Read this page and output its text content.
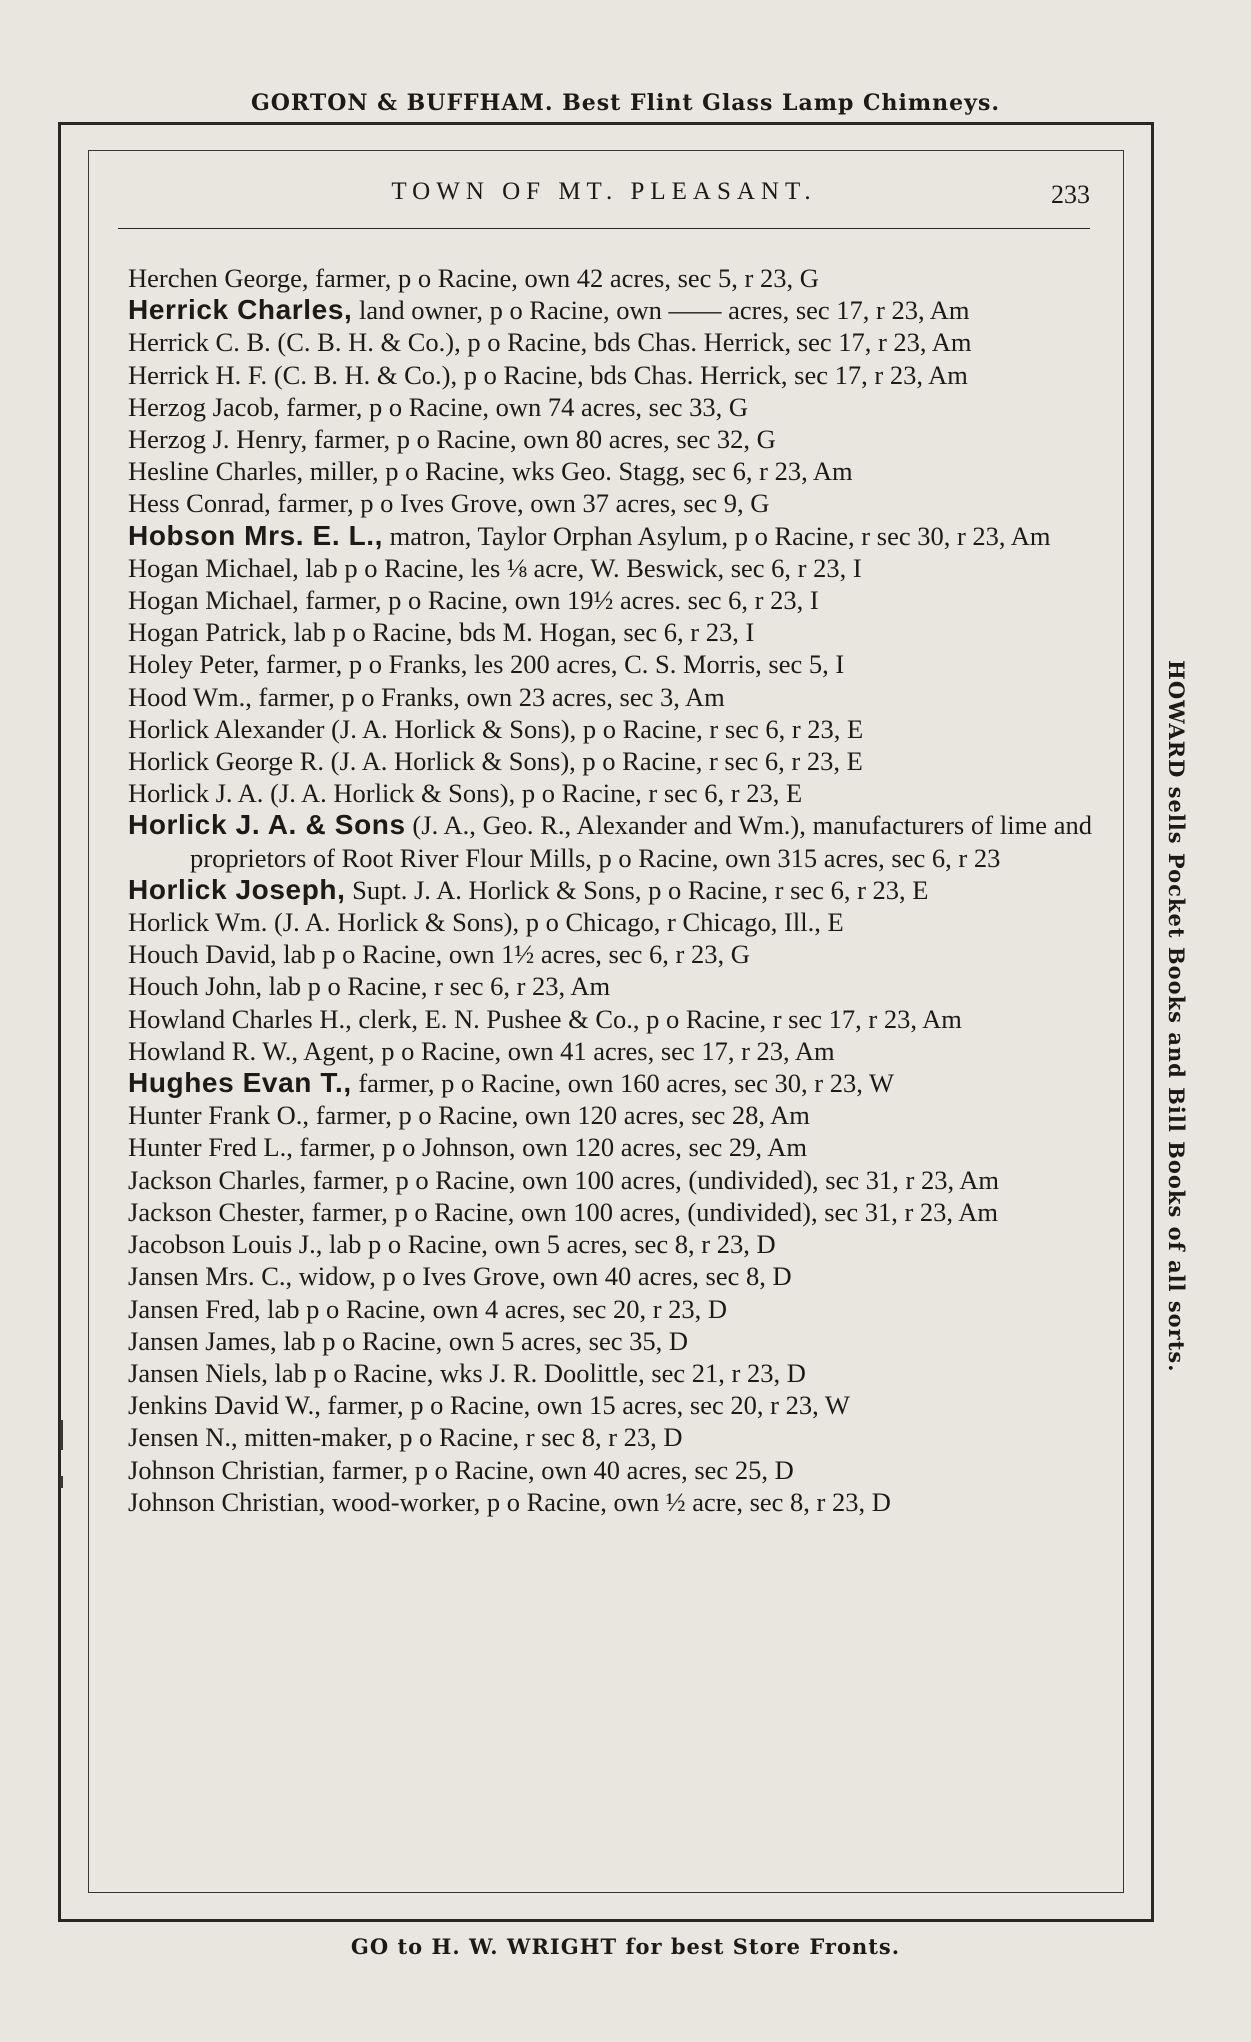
GORTON & BUFFHAM. Best Flint Glass Lamp Chimneys.
TOWN OF MT. PLEASANT.	233
Herchen George, farmer, p o Racine, own 42 acres, sec 5, r 23, G
Herrick Charles, land owner, p o Racine, own —— acres, sec 17, r 23, Am
Herrick C. B. (C. B. H. & Co.), p o Racine, bds Chas. Herrick, sec 17, r 23, Am
Herrick H. F. (C. B. H. & Co.), p o Racine, bds Chas. Herrick, sec 17, r 23, Am
Herzog Jacob, farmer, p o Racine, own 74 acres, sec 33, G
Herzog J. Henry, farmer, p o Racine, own 80 acres, sec 32, G
Hesline Charles, miller, p o Racine, wks Geo. Stagg, sec 6, r 23, Am
Hess Conrad, farmer, p o Ives Grove, own 37 acres, sec 9, G
Hobson Mrs. E. L., matron, Taylor Orphan Asylum, p o Racine, r sec 30, r 23, Am
Hogan Michael, lab p o Racine, les ⅛ acre, W. Beswick, sec 6, r 23, I
Hogan Michael, farmer, p o Racine, own 19½ acres. sec 6, r 23, I
Hogan Patrick, lab p o Racine, bds M. Hogan, sec 6, r 23, I
Holey Peter, farmer, p o Franks, les 200 acres, C. S. Morris, sec 5, I
Hood Wm., farmer, p o Franks, own 23 acres, sec 3, Am
Horlick Alexander (J. A. Horlick & Sons), p o Racine, r sec 6, r 23, E
Horlick George R. (J. A. Horlick & Sons), p o Racine, r sec 6, r 23, E
Horlick J. A. (J. A. Horlick & Sons), p o Racine, r sec 6, r 23, E
Horlick J. A. & Sons (J. A., Geo. R., Alexander and Wm.), manufacturers of lime and proprietors of Root River Flour Mills, p o Racine, own 315 acres, sec 6, r 23
Horlick Joseph, Supt. J. A. Horlick & Sons, p o Racine, r sec 6, r 23, E
Horlick Wm. (J. A. Horlick & Sons), p o Chicago, r Chicago, Ill., E
Houch David, lab p o Racine, own 1½ acres, sec 6, r 23, G
Houch John, lab p o Racine, r sec 6, r 23, Am
Howland Charles H., clerk, E. N. Pushee & Co., p o Racine, r sec 17, r 23, Am
Howland R. W., Agent, p o Racine, own 41 acres, sec 17, r 23, Am
Hughes Evan T., farmer, p o Racine, own 160 acres, sec 30, r 23, W
Hunter Frank O., farmer, p o Racine, own 120 acres, sec 28, Am
Hunter Fred L., farmer, p o Johnson, own 120 acres, sec 29, Am
Jackson Charles, farmer, p o Racine, own 100 acres, (undivided), sec 31, r 23, Am
Jackson Chester, farmer, p o Racine, own 100 acres, (undivided), sec 31, r 23, Am
Jacobson Louis J., lab p o Racine, own 5 acres, sec 8, r 23, D
Jansen Mrs. C., widow, p o Ives Grove, own 40 acres, sec 8, D
Jansen Fred, lab p o Racine, own 4 acres, sec 20, r 23, D
Jansen James, lab p o Racine, own 5 acres, sec 35, D
Jansen Niels, lab p o Racine, wks J. R. Doolittle, sec 21, r 23, D
Jenkins David W., farmer, p o Racine, own 15 acres, sec 20, r 23, W
Jensen N., mitten-maker, p o Racine, r sec 8, r 23, D
Johnson Christian, farmer, p o Racine, own 40 acres, sec 25, D
Johnson Christian, wood-worker, p o Racine, own ½ acre, sec 8, r 23, D
HOWARD sells Pocket Books and Bill Books of all sorts.
GO to H. W. WRIGHT for best Store Fronts.
